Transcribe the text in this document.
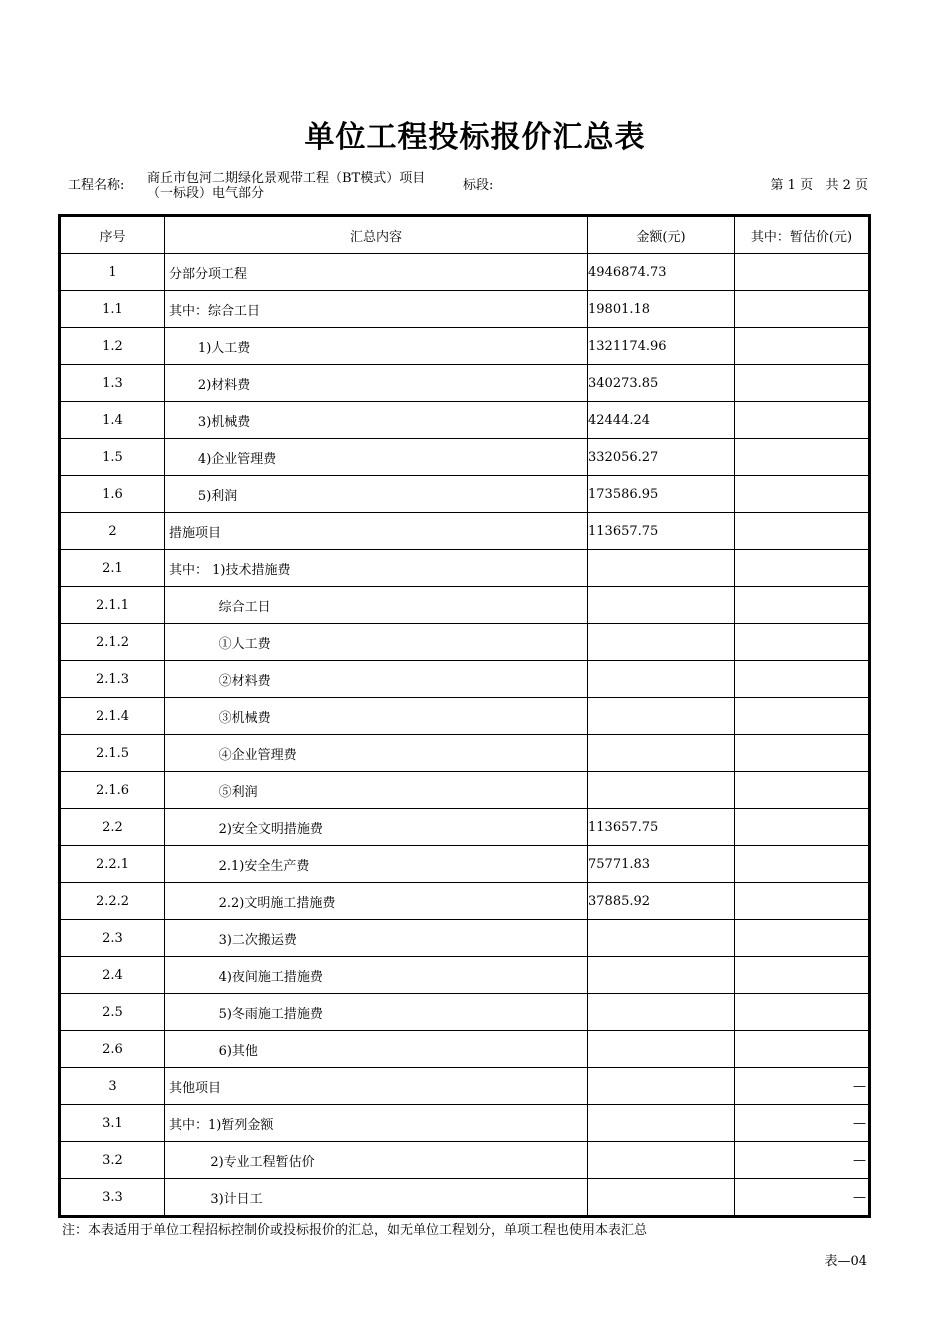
单位工程投标报价汇总表
工程名称: 商丘市包河二期绿化景观带工程（BT模式）项目（一标段）电气部分
标段:	第 1 页   共 2 页
序号	汇总内容	金额(元)	其中：暂估价(元)
1	分部分项工程	4946874.73	
1.1	其中：综合工日	19801.18	
1.2	1)人工费	1321174.96	
1.3	2)材料费	340273.85	
1.4	3)机械费	42444.24	
1.5	4)企业管理费	332056.27	
1.6	5)利润	173586.95	
2	措施项目	113657.75	
2.1	其中： 1)技术措施费		
2.1.1	综合工日		
2.1.2	①人工费		
2.1.3	②材料费		
2.1.4	③机械费		
2.1.5	④企业管理费		
2.1.6	⑤利润		
2.2	2)安全文明措施费	113657.75	
2.2.1	2.1)安全生产费	75771.83	
2.2.2	2.2)文明施工措施费	37885.92	
2.3	3)二次搬运费		
2.4	4)夜间施工措施费		
2.5	5)冬雨施工措施费		
2.6	6)其他		
3	其他项目		—
3.1	其中：1)暂列金额		—
3.2	2)专业工程暂估价		—
3.3	3)计日工		—
注：本表适用于单位工程招标控制价或投标报价的汇总，如无单位工程划分，单项工程也使用本表汇总
表—04
